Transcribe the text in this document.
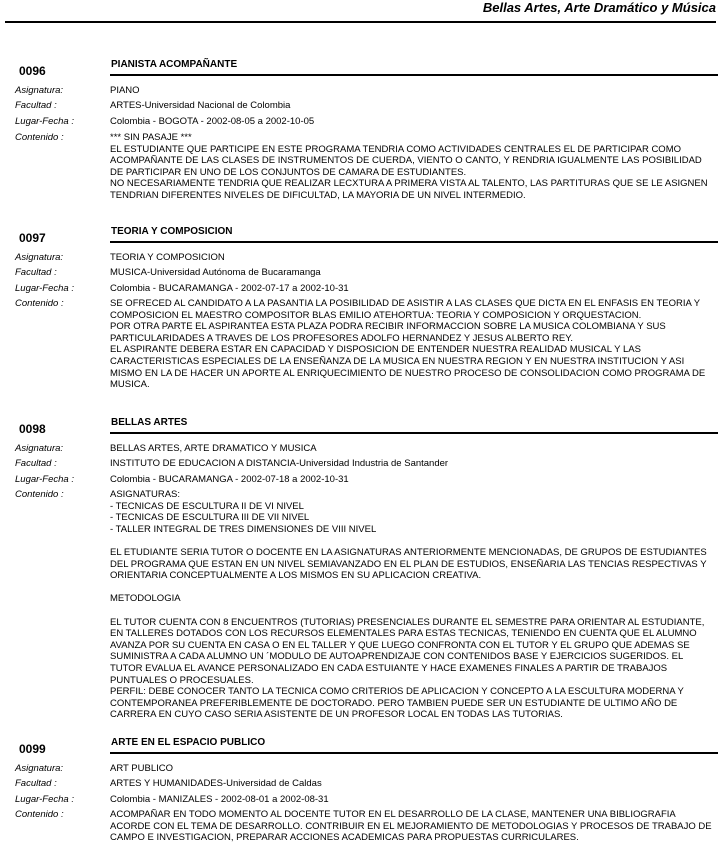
Bellas Artes, Arte Dramático y Música
0096	PIANISTA ACOMPAÑANTE
Asignatura:	PIANO
Facultad :	ARTES-Universidad Nacional de Colombia
Lugar-Fecha :	Colombia - BOGOTA - 2002-08-05 a 2002-10-05
Contenido :	*** SIN PASAJE ***
EL ESTUDIANTE QUE PARTICIPE EN ESTE PROGRAMA TENDRIA COMO ACTIVIDADES CENTRALES EL DE PARTICIPAR COMO ACOMPAÑANTE DE LAS CLASES DE INSTRUMENTOS DE CUERDA, VIENTO O CANTO, Y RENDRIA IGUALMENTE LAS POSIBILIDAD DE PARTICIPAR EN UNO DE LOS CONJUNTOS DE CAMARA DE ESTUDIANTES.
NO NECESARIAMENTE TENDRIA QUE REALIZAR LECXTURA A PRIMERA VISTA AL TALENTO, LAS PARTITURAS QUE SE LE ASIGNEN TENDRIAN DIFERENTES NIVELES DE DIFICULTAD, LA MAYORIA DE UN NIVEL INTERMEDIO.
0097	TEORIA Y COMPOSICION
Asignatura:	TEORIA Y COMPOSICION
Facultad :	MUSICA-Universidad Autónoma de Bucaramanga
Lugar-Fecha :	Colombia - BUCARAMANGA - 2002-07-17 a 2002-10-31
Contenido :	SE OFRECED AL CANDIDATO A LA PASANTIA LA POSIBILIDAD DE ASISTIR A LAS CLASES QUE DICTA EN EL ENFASIS EN TEORIA Y COMPOSICION EL MAESTRO COMPOSITOR BLAS EMILIO ATEHORTUA: TEORIA Y COMPOSICION Y ORQUESTACION.
POR OTRA PARTE EL ASPIRANTEA ESTA PLAZA PODRA RECIBIR INFORMACCION SOBRE LA MUSICA COLOMBIANA Y SUS PARTICULARIDADES A TRAVES DE LOS PROFESORES ADOLFO HERNANDEZ Y JESUS ALBERTO REY.
EL ASPIRANTE DEBERA ESTAR EN CAPACIDAD Y DISPOSICION DE ENTENDER NUESTRA REALIDAD MUSICAL Y LAS CARACTERISTICAS ESPECIALES DE LA ENSEÑANZA DE LA MUSICA EN NUESTRA REGION Y EN NUESTRA INSTITUCION Y ASI MISMO EN LA DE HACER UN APORTE AL ENRIQUECIMIENTO DE NUESTRO PROCESO DE CONSOLIDACION COMO PROGRAMA DE MUSICA.
0098	BELLAS ARTES
Asignatura:	BELLAS ARTES, ARTE DRAMATICO Y MUSICA
Facultad :	INSTITUTO DE EDUCACION A DISTANCIA-Universidad Industria de Santander
Lugar-Fecha :	Colombia - BUCARAMANGA - 2002-07-18 a 2002-10-31
Contenido :	ASIGNATURAS:
- TECNICAS DE ESCULTURA II DE VI NIVEL
- TECNICAS DE ESCULTURA III DE VII NIVEL
- TALLER INTEGRAL DE TRES DIMENSIONES DE VIII NIVEL

EL ETUDIANTE SERIA TUTOR O DOCENTE EN LA ASIGNATURAS ANTERIORMENTE MENCIONADAS, DE GRUPOS DE ESTUDIANTES DEL PROGRAMA QUE ESTAN EN UN NIVEL SEMIAVANZADO EN EL PLAN DE ESTUDIOS, ENSEÑARIA LAS TENCIAS RESPECTIVAS Y ORIENTARIA CONCEPTUALMENTE A LOS MISMOS EN SU APLICACION CREATIVA.

METODOLOGIA

EL TUTOR CUENTA CON 8 ENCUENTROS (TUTORIAS) PRESENCIALES DURANTE EL SEMESTRE PARA ORIENTAR AL ESTUDIANTE, EN TALLERES DOTADOS CON LOS RECURSOS ELEMENTALES PARA ESTAS TECNICAS, TENIENDO EN CUENTA QUE EL ALUMNO AVANZA POR SU CUENTA EN CASA O EN EL TALLER Y QUE LUEGO CONFRONTA CON EL TUTOR Y EL GRUPO QUE ADEMAS SE SUMINISTRA A CADA ALUMNO UN ´MODULO DE AUTOAPRENDIZAJE CON CONTENIDOS BASE Y EJERCICIOS SUGERIDOS. EL TUTOR EVALUA EL AVANCE PERSONALIZADO EN CADA ESTUIANTE Y HACE EXAMENES FINALES A PARTIR DE TRABAJOS PUNTUALES O PROCESUALES.
PERFIL: DEBE CONOCER TANTO LA TECNICA COMO CRITERIOS DE APLICACION Y CONCEPTO A LA ESCULTURA MODERNA Y CONTEMPORANEA PREFERIBLEMENTE DE DOCTORADO. PERO TAMBIEN PUEDE SER UN ESTUDIANTE DE ULTIMO AÑO DE CARRERA EN CUYO CASO SERIA ASISTENTE DE UN PROFESOR LOCAL EN TODAS LAS TUTORIAS.
0099	ARTE EN EL ESPACIO PUBLICO
Asignatura:	ART PUBLICO
Facultad :	ARTES Y HUMANIDADES-Universidad de Caldas
Lugar-Fecha :	Colombia - MANIZALES - 2002-08-01 a 2002-08-31
Contenido :	ACOMPAÑAR EN TODO MOMENTO AL DOCENTE TUTOR EN EL DESARROLLO DE LA CLASE, MANTENER UNA BIBLIOGRAFIA ACORDE CON EL TEMA DE DESARROLLO. CONTRIBUIR EN EL MEJORAMIENTO DE METODOLOGIAS Y PROCESOS DE TRABAJO DE CAMPO E INVESTIGACION, PREPARAR ACCIONES ACADEMICAS PARA PROPUESTAS CURRICULARES.
